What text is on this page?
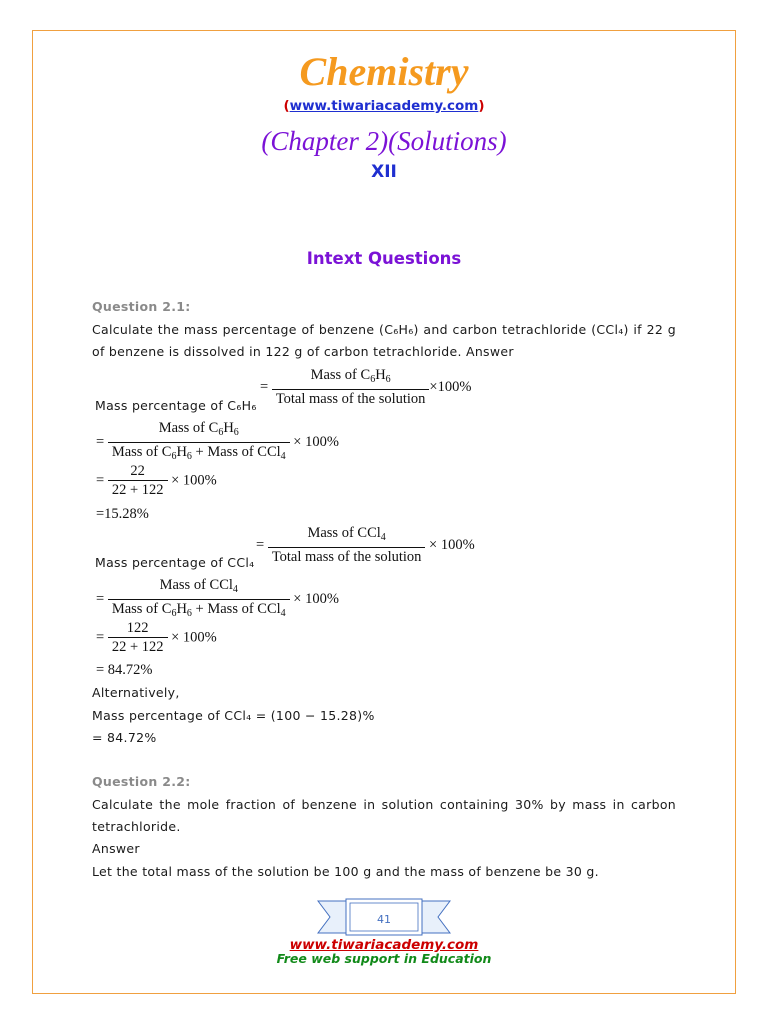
Chemistry
(www.tiwariacademy.com)
(Chapter 2)(Solutions)
XII
Intext Questions
Question 2.1:
Calculate the mass percentage of benzene (C₆H₆) and carbon tetrachloride (CCl₄) if 22 g
of benzene is dissolved in 122 g of carbon tetrachloride. Answer
= $\frac{Mass of C_6H_6}{\text{Total mass of the solution}} \times 100\%$
Mass percentage of C₆H₆
= $\frac{Mass of C_6H_6}{Mass of C_6H_6 + Mass of CCl_4} \times 100\%$
= $\frac{22}{22 + 122} \times 100\%$
=15.28%
= $\frac{Mass of CCl_4}{\text{Total mass of the solution}} \times 100\%$
Mass percentage of CCl₄
= $\frac{Mass of CCl_4}{Mass of C_6H_6 + Mass of CCl_4} \times 100\%$
= $\frac{122}{22 + 122} \times 100\%$
= 84.72%
Alternatively,
Mass percentage of CCl₄ = (100 − 15.28)%
= 84.72%
Question 2.2:
Calculate the mole fraction of benzene in solution containing 30% by mass in carbon
tetrachloride.
Answer
Let the total mass of the solution be 100 g and the mass of benzene be 30 g.
41
www.tiwariacademy.com
Free web support in Education
